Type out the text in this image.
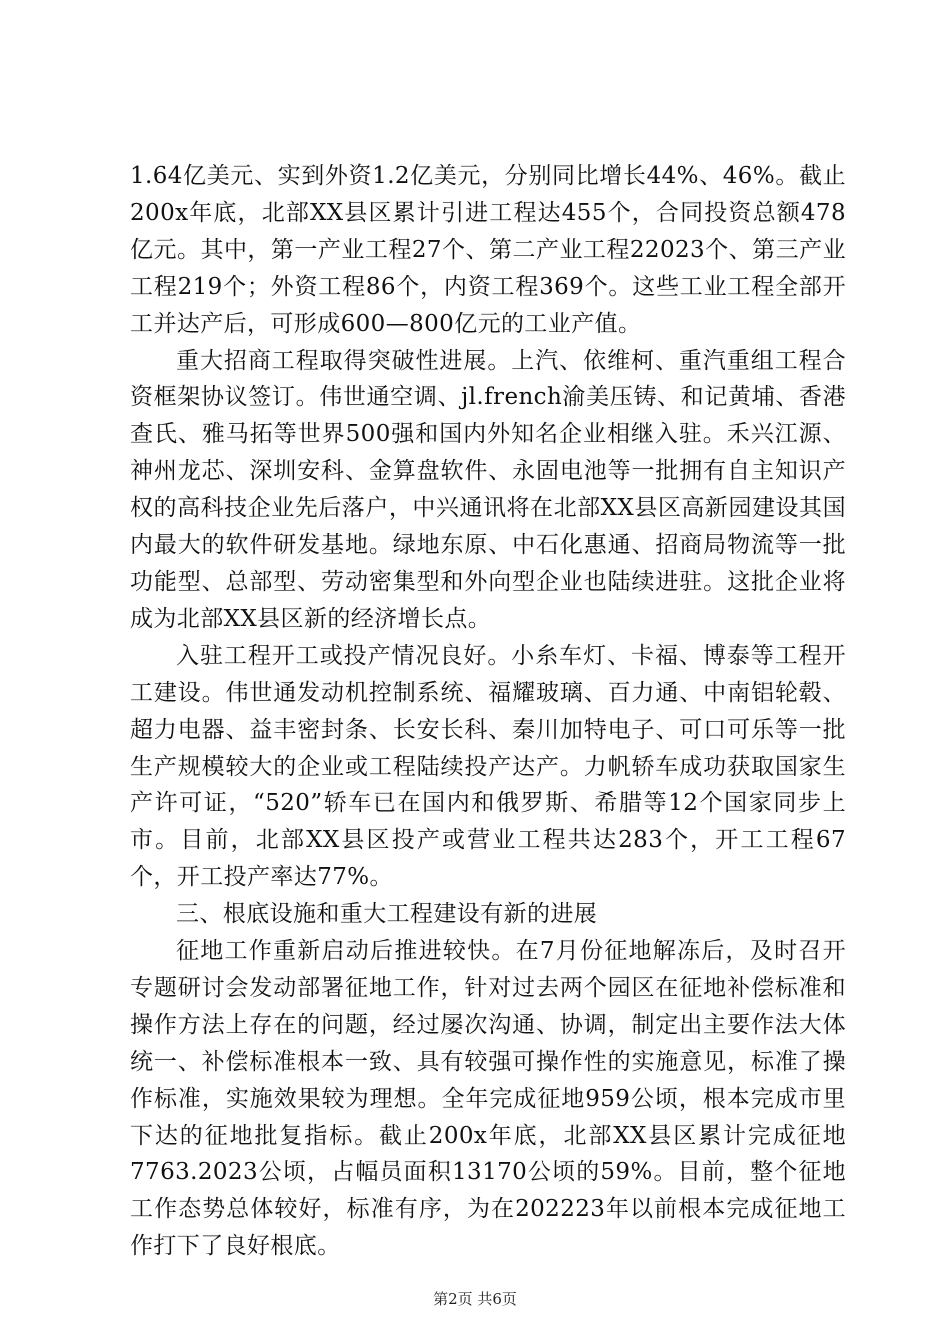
1.64亿美元、实到外资1.2亿美元，分别同比增长44%、46%。截止200x年底，北部XX县区累计引进工程达455个，合同投资总额478亿元。其中，第一产业工程27个、第二产业工程22023个、第三产业工程219个；外资工程86个，内资工程369个。这些工业工程全部开工并达产后，可形成600—800亿元的工业产值。

重大招商工程取得突破性进展。上汽、依维柯、重汽重组工程合资框架协议签订。伟世通空调、jl.french渝美压铸、和记黄埔、香港查氏、雅马拓等世界500强和国内外知名企业相继入驻。禾兴江源、神州龙芯、深圳安科、金算盘软件、永固电池等一批拥有自主知识产权的高科技企业先后落户，中兴通讯将在北部XX县区高新园建设其国内最大的软件研发基地。绿地东原、中石化惠通、招商局物流等一批功能型、总部型、劳动密集型和外向型企业也陆续进驻。这批企业将成为北部XX县区新的经济增长点。

入驻工程开工或投产情况良好。小糸车灯、卡福、博泰等工程开工建设。伟世通发动机控制系统、福耀玻璃、百力通、中南铝轮毂、超力电器、益丰密封条、长安长科、秦川加特电子、可口可乐等一批生产规模较大的企业或工程陆续投产达产。力帆轿车成功获取国家生产许可证，“520”轿车已在国内和俄罗斯、希腊等12个国家同步上市。目前，北部XX县区投产或营业工程共达283个，开工工程67个，开工投产率达77%。

三、根底设施和重大工程建设有新的进展

征地工作重新启动后推进较快。在7月份征地解冻后，及时召开专题研讨会发动部署征地工作，针对过去两个园区在征地补偿标准和操作方法上存在的问题，经过屡次沟通、协调，制定出主要作法大体统一、补偿标准根本一致、具有较强可操作性的实施意见，标准了操作标准，实施效果较为理想。全年完成征地959公顷，根本完成市里下达的征地批复指标。截止200x年底，北部XX县区累计完成征地7763.2023公顷，占幅员面积13170公顷的59%。目前，整个征地工作态势总体较好，标准有序，为在202223年以前根本完成征地工作打下了良好根底。

第2页 共6页
